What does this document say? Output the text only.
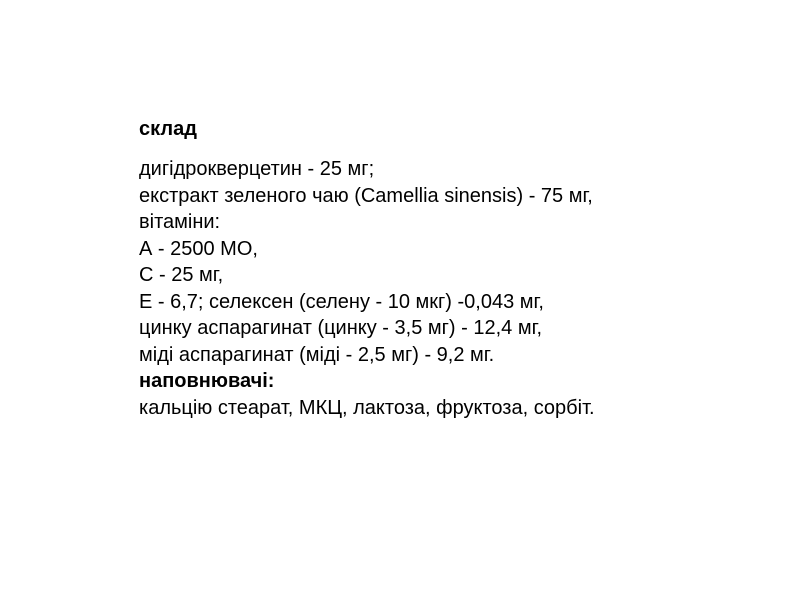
склад
дигідрокверцетин - 25 мг;
екстракт зеленого чаю (Camellia sinensis) - 75 мг,
вітаміни:
А - 2500 МО,
С - 25 мг,
Е - 6,7; селексен (селену - 10 мкг) -0,043 мг,
цинку аспарагинат (цинку - 3,5 мг) - 12,4 мг,
міді аспарагинат (міді - 2,5 мг) - 9,2 мг.
наповнювачі:
кальцію стеарат, МКЦ, лактоза, фруктоза, сорбіт.
